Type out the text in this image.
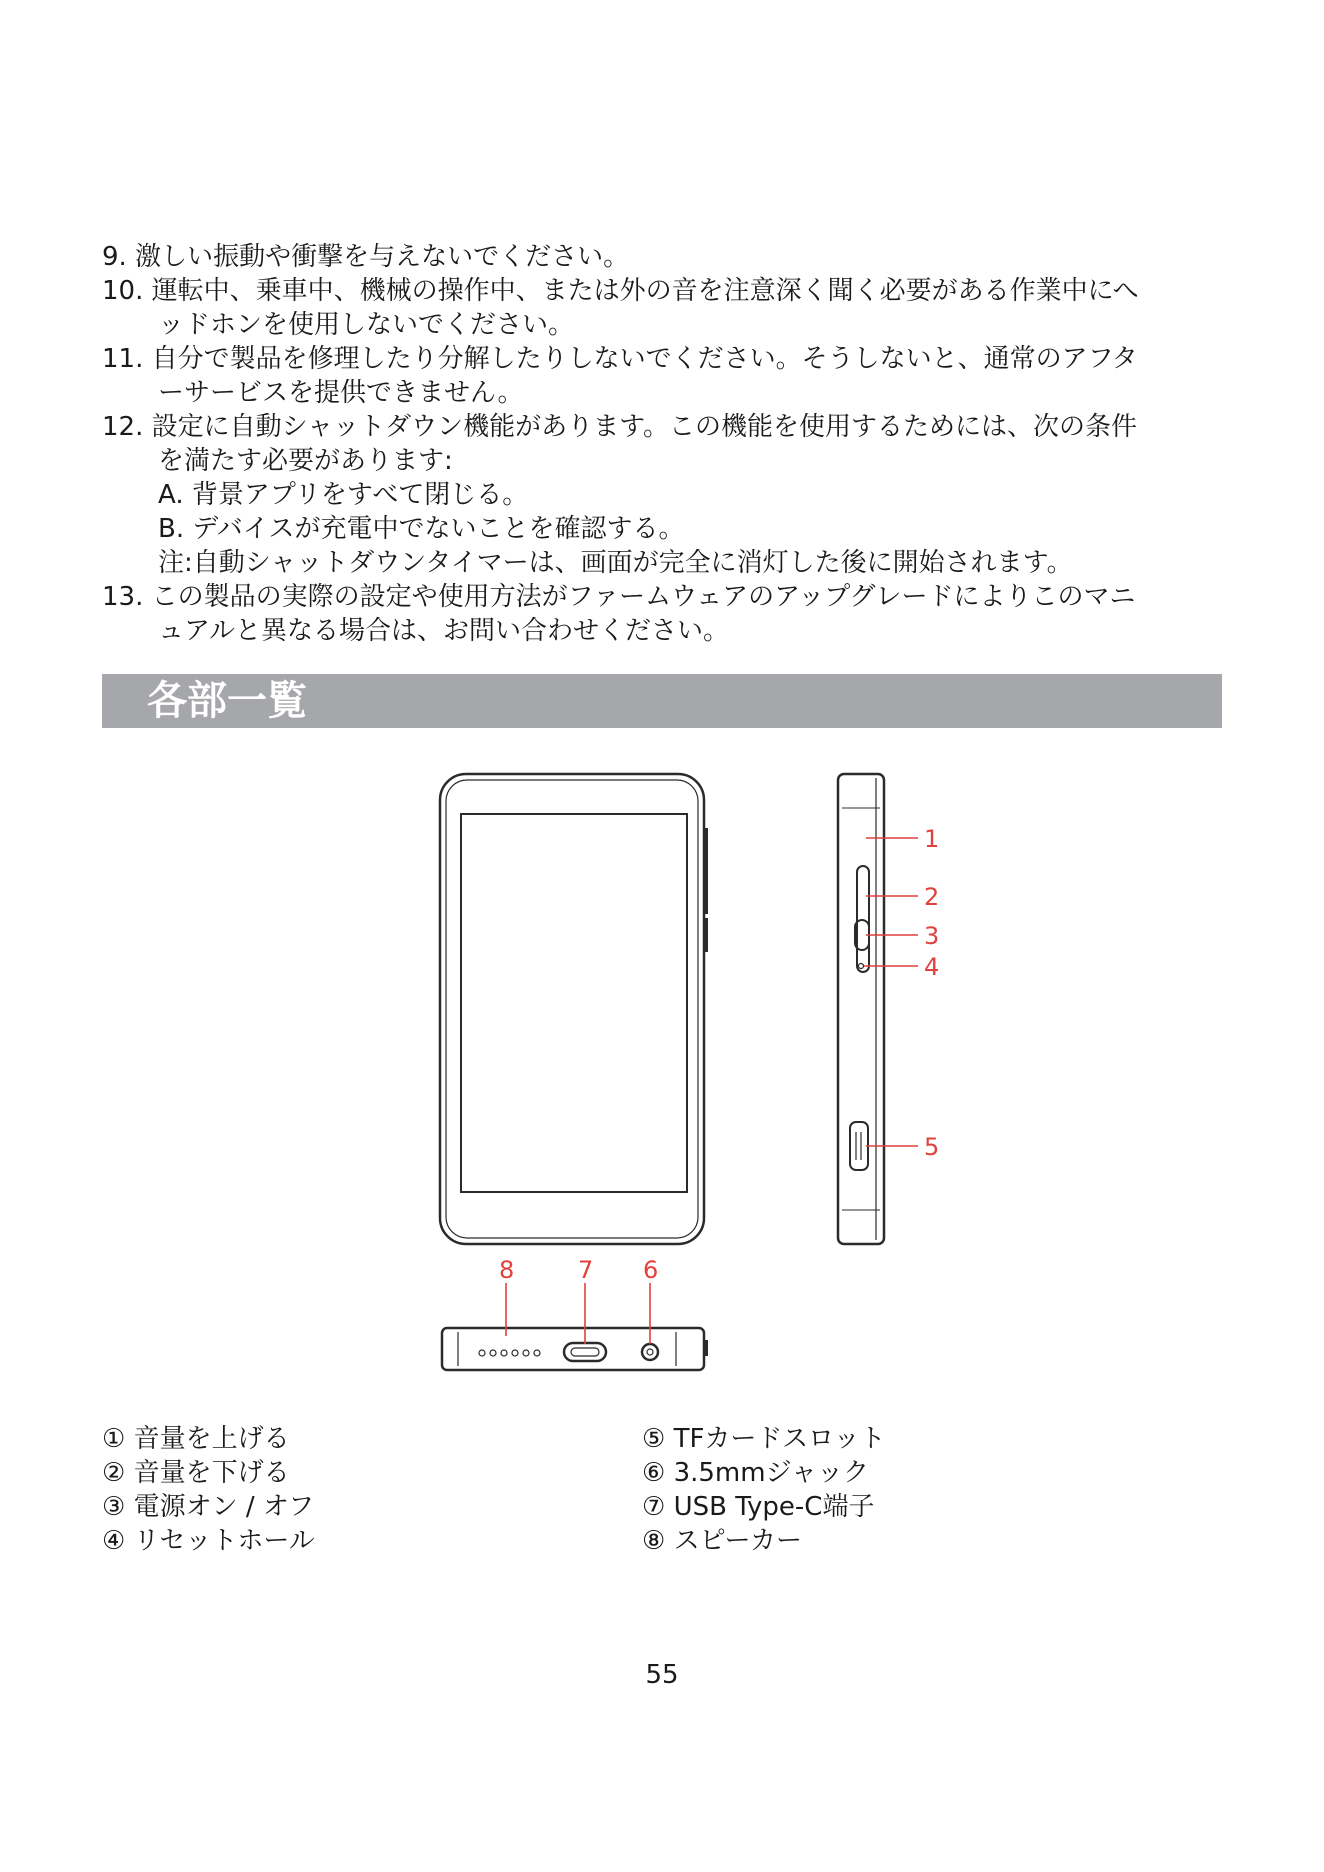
9. 激しい振動や衝撃を与えないでください。
10. 運転中、乗車中、機械の操作中、または外の音を注意深く聞く必要がある作業中にへ
ッドホンを使用しないでください。
11. 自分で製品を修理したり分解したりしないでください。そうしないと、通常のアフタ
ーサービスを提供できません。
12. 設定に自動シャットダウン機能があります。この機能を使用するためには、次の条件
を満たす必要があります:
A. 背景アプリをすべて閉じる。
B. デバイスが充電中でないことを確認する。
注:自動シャットダウンタイマーは、画面が完全に消灯した後に開始されます。
13. この製品の実際の設定や使用方法がファームウェアのアップグレードによりこのマニ
ュアルと異なる場合は、お問い合わせください。
各部一覧
1
2
3
4
5
6
7
8
① 音量を上げる
② 音量を下げる
③ 電源オン / オフ
④ リセットホール
⑤ TFカードスロット
⑥ 3.5mmジャック
⑦ USB Type-C端子
⑧ スピーカー
55
